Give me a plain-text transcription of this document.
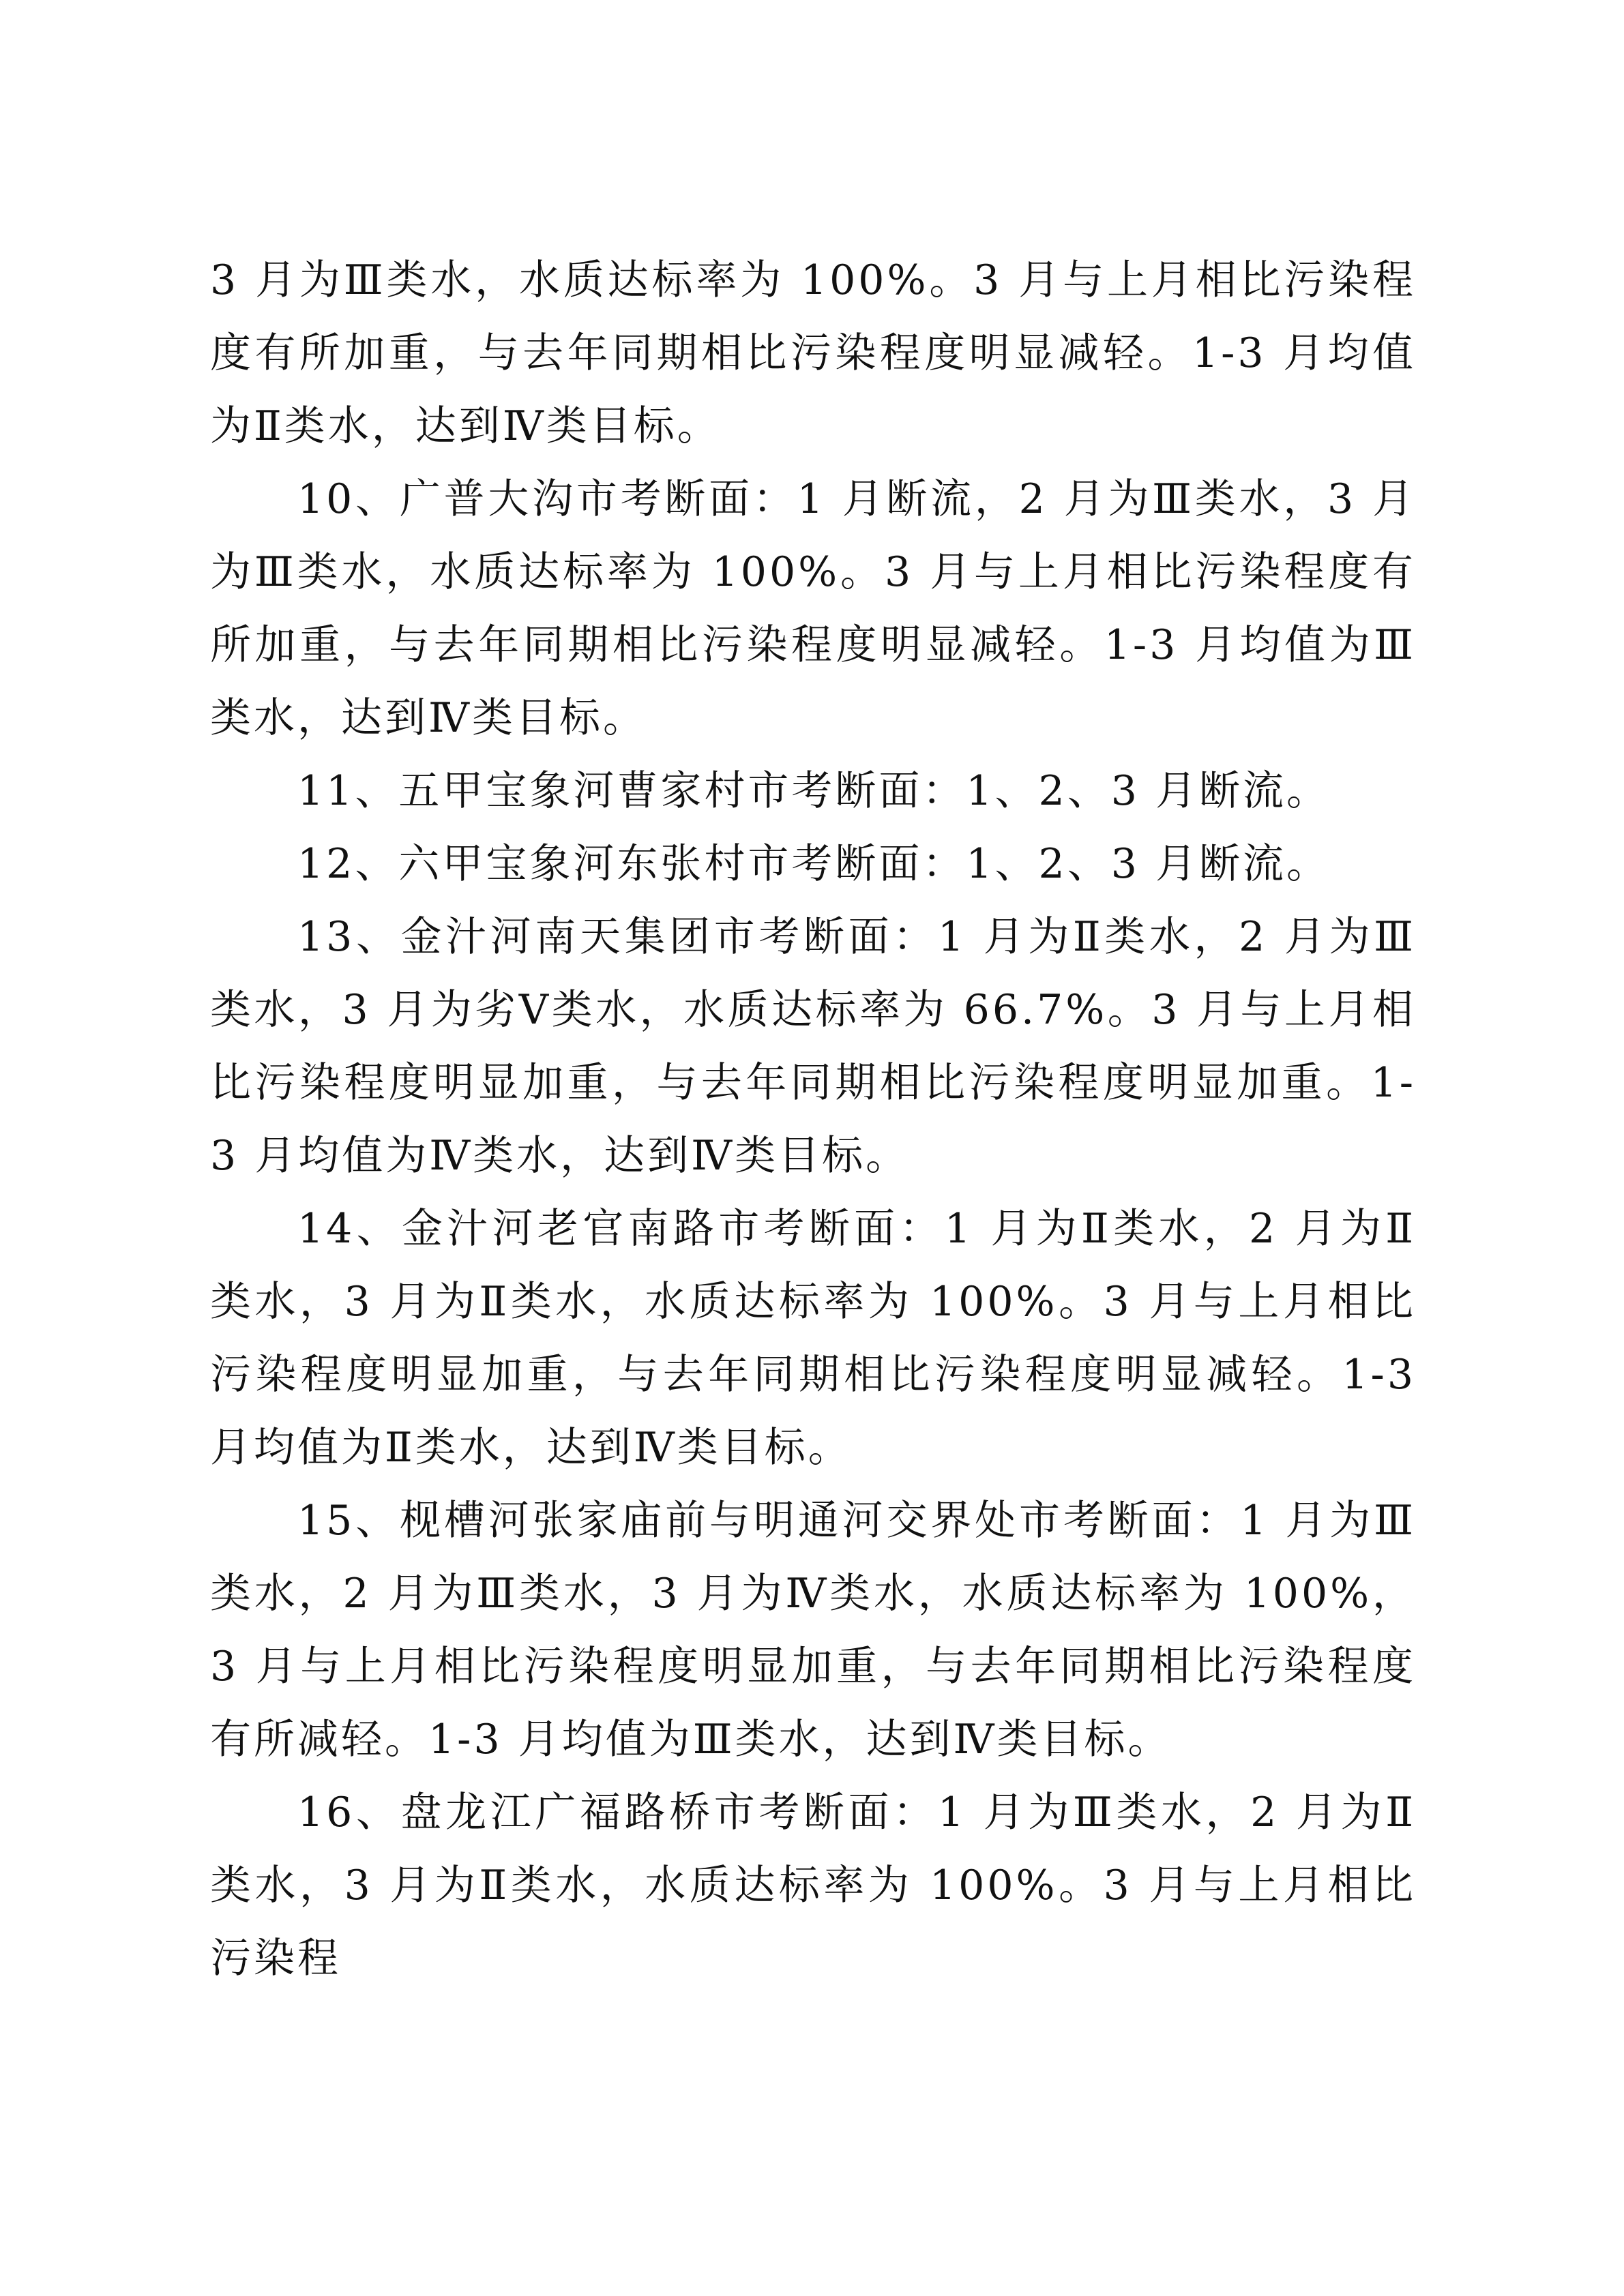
3 月为Ⅲ类水，水质达标率为 100%。3 月与上月相比污染程度有所加重，与去年同期相比污染程度明显减轻。1-3 月均值为Ⅱ类水，达到Ⅳ类目标。

10、广普大沟市考断面：1 月断流，2 月为Ⅲ类水，3 月为Ⅲ类水，水质达标率为 100%。3 月与上月相比污染程度有所加重，与去年同期相比污染程度明显减轻。1-3 月均值为Ⅲ类水，达到Ⅳ类目标。

11、五甲宝象河曹家村市考断面：1、2、3 月断流。

12、六甲宝象河东张村市考断面：1、2、3 月断流。

13、金汁河南天集团市考断面：1 月为Ⅱ类水，2 月为Ⅲ类水，3 月为劣Ⅴ类水，水质达标率为 66.7%。3 月与上月相比污染程度明显加重，与去年同期相比污染程度明显加重。1-3 月均值为Ⅳ类水，达到Ⅳ类目标。

14、金汁河老官南路市考断面：1 月为Ⅱ类水，2 月为Ⅱ类水，3 月为Ⅱ类水，水质达标率为 100%。3 月与上月相比污染程度明显加重，与去年同期相比污染程度明显减轻。1-3 月均值为Ⅱ类水，达到Ⅳ类目标。

15、枧槽河张家庙前与明通河交界处市考断面：1 月为Ⅲ类水，2 月为Ⅲ类水，3 月为Ⅳ类水，水质达标率为 100%，3 月与上月相比污染程度明显加重，与去年同期相比污染程度有所减轻。1-3 月均值为Ⅲ类水，达到Ⅳ类目标。

16、盘龙江广福路桥市考断面：1 月为Ⅲ类水，2 月为Ⅱ类水，3 月为Ⅱ类水，水质达标率为 100%。3 月与上月相比污染程
